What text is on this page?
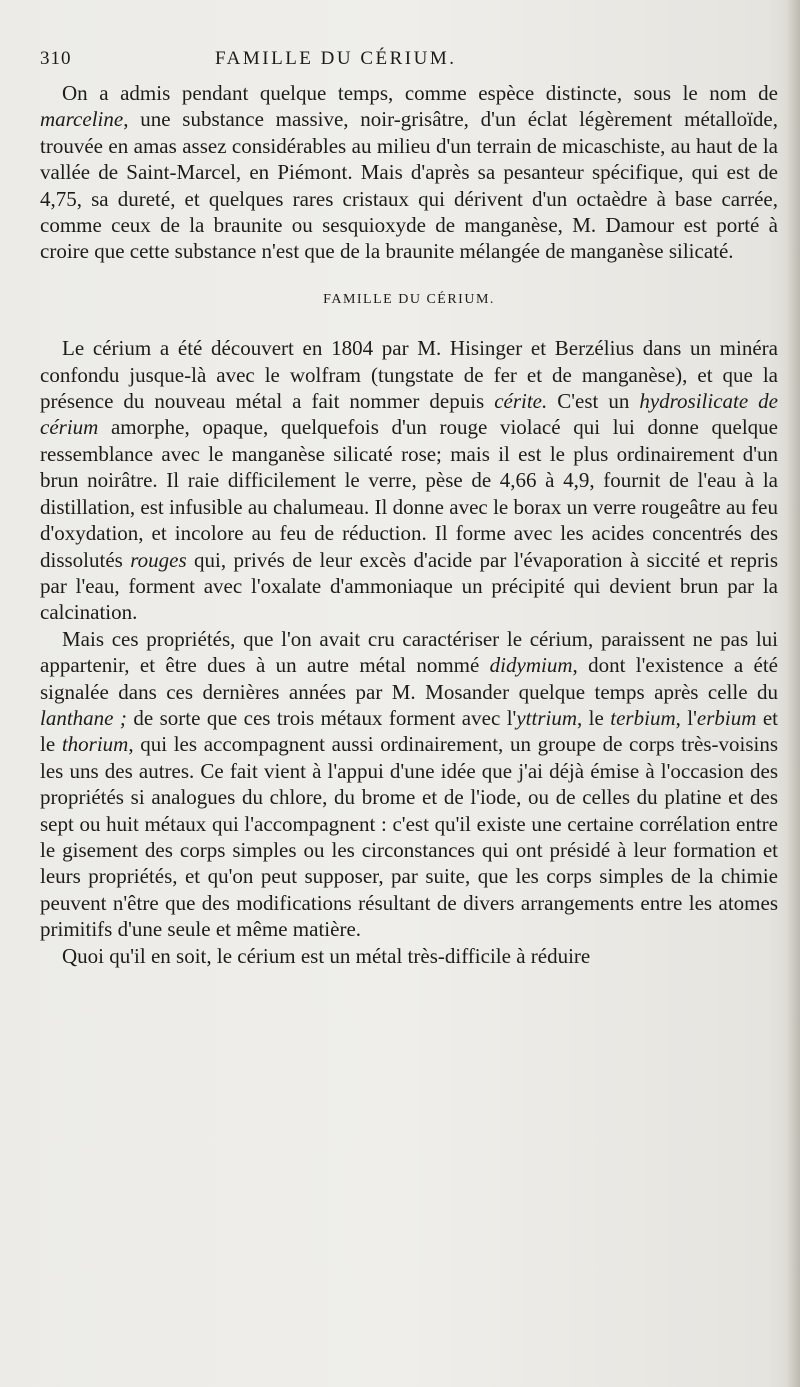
310	FAMILLE DU CÉRIUM.

On a admis pendant quelque temps, comme espèce distincte, sous le nom de marceline, une substance massive, noir-grisâtre, d'un éclat légèrement métalloïde, trouvée en amas assez considérables au milieu d'un terrain de micaschiste, au haut de la vallée de Saint-Marcel, en Piémont. Mais d'après sa pesanteur spécifique, qui est de 4,75, sa dureté, et quelques rares cristaux qui dérivent d'un octaèdre à base carrée, comme ceux de la braunite ou sesquioxyde de manganèse, M. Damour est porté à croire que cette substance n'est que de la braunite mélangée de manganèse silicaté.

FAMILLE DU CÉRIUM.

Le cérium a été découvert en 1804 par M. Hisinger et Berzélius dans un minéra confondu jusque-là avec le wolfram (tungstate de fer et de manganèse), et que la présence du nouveau métal a fait nommer depuis cérite. C'est un hydrosilicate de cérium amorphe, opaque, quelquefois d'un rouge violacé qui lui donne quelque ressemblance avec le manganèse silicaté rose; mais il est le plus ordinairement d'un brun noirâtre. Il raie difficilement le verre, pèse de 4,66 à 4,9, fournit de l'eau à la distillation, est infusible au chalumeau. Il donne avec le borax un verre rougeâtre au feu d'oxydation, et incolore au feu de réduction. Il forme avec les acides concentrés des dissolutés rouges qui, privés de leur excès d'acide par l'évaporation à siccité et repris par l'eau, forment avec l'oxalate d'ammoniaque un précipité qui devient brun par la calcination.

Mais ces propriétés, que l'on avait cru caractériser le cérium, paraissent ne pas lui appartenir, et être dues à un autre métal nommé didymium, dont l'existence a été signalée dans ces dernières années par M. Mosander quelque temps après celle du lanthane ; de sorte que ces trois métaux forment avec l'yttrium, le terbium, l'erbium et le thorium, qui les accompagnent aussi ordinairement, un groupe de corps très-voisins les uns des autres. Ce fait vient à l'appui d'une idée que j'ai déjà émise à l'occasion des propriétés si analogues du chlore, du brome et de l'iode, ou de celles du platine et des sept ou huit métaux qui l'accompagnent : c'est qu'il existe une certaine corrélation entre le gisement des corps simples ou les circonstances qui ont présidé à leur formation et leurs propriétés, et qu'on peut supposer, par suite, que les corps simples de la chimie peuvent n'être que des modifications résultant de divers arrangements entre les atomes primitifs d'une seule et même matière.

Quoi qu'il en soit, le cérium est un métal très-difficile à réduire
